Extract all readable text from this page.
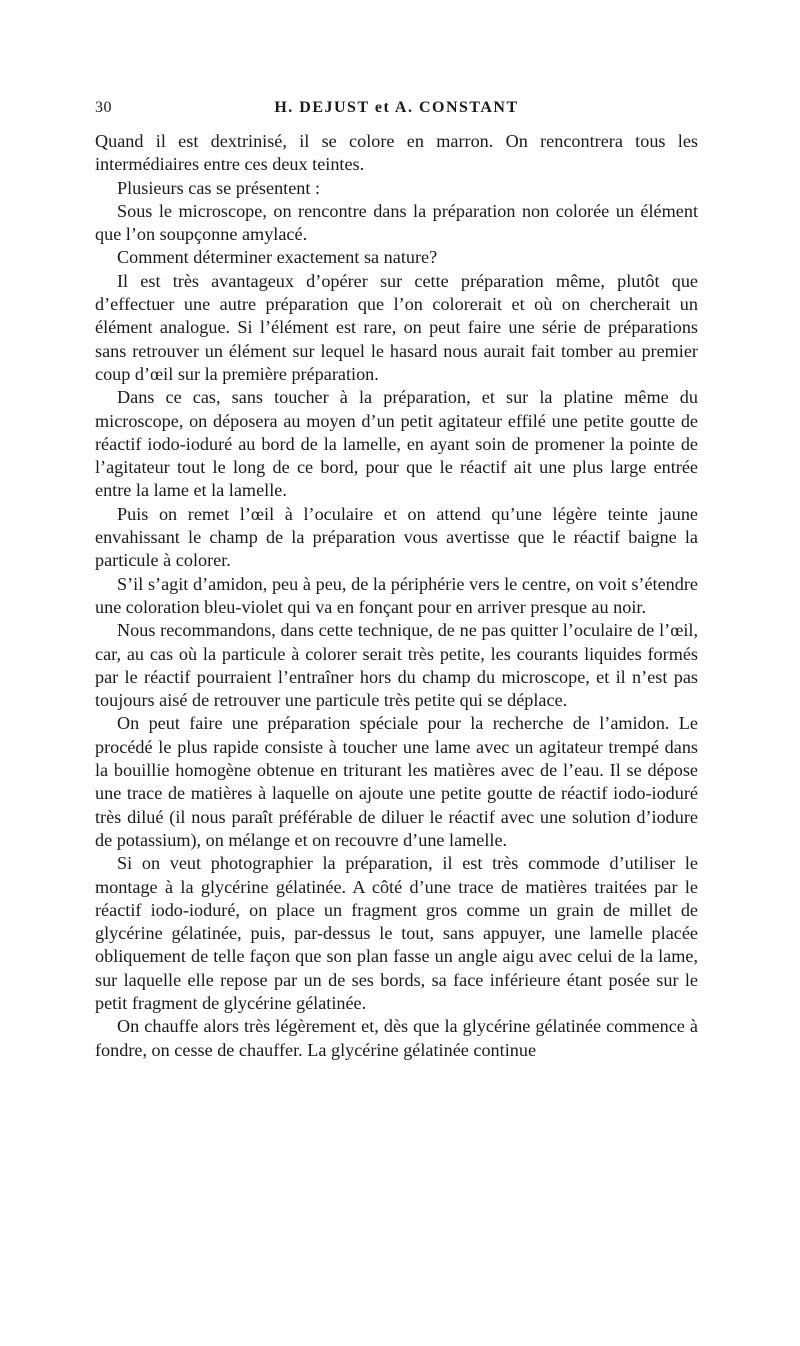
30	H. DEJUST et A. CONSTANT

Quand il est dextrinisé, il se colore en marron. On rencontrera tous les intermédiaires entre ces deux teintes.

Plusieurs cas se présentent :

Sous le microscope, on rencontre dans la préparation non colorée un élément que l’on soupçonne amylacé.

Comment déterminer exactement sa nature?

Il est très avantageux d’opérer sur cette préparation même, plutôt que d’effectuer une autre préparation que l’on colorerait et où on chercherait un élément analogue. Si l’élément est rare, on peut faire une série de préparations sans retrouver un élément sur lequel le hasard nous aurait fait tomber au premier coup d’œil sur la première préparation.

Dans ce cas, sans toucher à la préparation, et sur la platine même du microscope, on déposera au moyen d’un petit agitateur effilé une petite goutte de réactif iodo-ioduré au bord de la lamelle, en ayant soin de promener la pointe de l’agitateur tout le long de ce bord, pour que le réactif ait une plus large entrée entre la lame et la lamelle.

Puis on remet l’œil à l’oculaire et on attend qu’une légère teinte jaune envahissant le champ de la préparation vous avertisse que le réactif baigne la particule à colorer.

S’il s’agit d’amidon, peu à peu, de la périphérie vers le centre, on voit s’étendre une coloration bleu-violet qui va en fonçant pour en arriver presque au noir.

Nous recommandons, dans cette technique, de ne pas quitter l’oculaire de l’œil, car, au cas où la particule à colorer serait très petite, les courants liquides formés par le réactif pourraient l’entraîner hors du champ du microscope, et il n’est pas toujours aisé de retrouver une particule très petite qui se déplace.

On peut faire une préparation spéciale pour la recherche de l’amidon. Le procédé le plus rapide consiste à toucher une lame avec un agitateur trempé dans la bouillie homogène obtenue en triturant les matières avec de l’eau. Il se dépose une trace de matières à laquelle on ajoute une petite goutte de réactif iodo-ioduré très dilué (il nous paraît préférable de diluer le réactif avec une solution d’iodure de potassium), on mélange et on recouvre d’une lamelle.

Si on veut photographier la préparation, il est très commode d’utiliser le montage à la glycérine gélatinée. A côté d’une trace de matières traitées par le réactif iodo-ioduré, on place un fragment gros comme un grain de millet de glycérine gélatinée, puis, par-dessus le tout, sans appuyer, une lamelle placée obliquement de telle façon que son plan fasse un angle aigu avec celui de la lame, sur laquelle elle repose par un de ses bords, sa face inférieure étant posée sur le petit fragment de glycérine gélatinée.

On chauffe alors très légèrement et, dès que la glycérine gélatinée commence à fondre, on cesse de chauffer. La glycérine gélatinée continue
